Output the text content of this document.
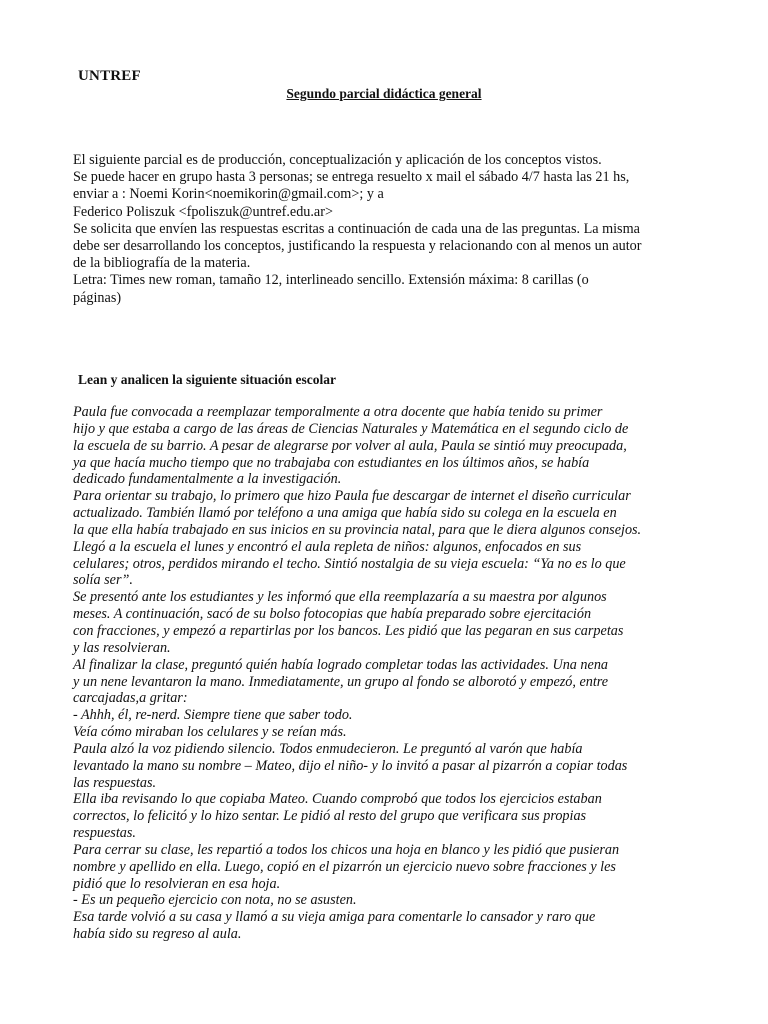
UNTREF
Segundo parcial didáctica general
El siguiente parcial es de producción, conceptualización y aplicación de los conceptos vistos.
Se puede hacer en grupo hasta 3 personas; se entrega resuelto x mail el sábado 4/7 hasta las 21 hs,
enviar a : Noemi Korin<noemikorin@gmail.com>; y a
Federico Poliszuk <fpoliszuk@untref.edu.ar>
Se solicita que envíen las respuestas escritas a continuación de cada una de las preguntas. La misma
debe ser desarrollando los conceptos, justificando la respuesta y relacionando con al menos un autor
de la bibliografía de la materia.
Letra: Times new roman, tamaño 12, interlineado sencillo. Extensión máxima: 8 carillas (o
páginas)
Lean y analicen la siguiente situación escolar
Paula fue convocada a reemplazar temporalmente a otra docente que había tenido su primer
hijo y que estaba a cargo de las áreas de Ciencias Naturales y Matemática en el segundo ciclo de
la escuela de su barrio. A pesar de alegrarse por volver al aula, Paula se sintió muy preocupada,
ya que hacía mucho tiempo que no trabajaba con estudiantes en los últimos años, se había
dedicado fundamentalmente a la investigación.
Para orientar su trabajo, lo primero que hizo Paula fue descargar de internet el diseño curricular
actualizado. También llamó por teléfono a una amiga que había sido su colega en la escuela en
la que ella había trabajado en sus inicios en su provincia natal, para que le diera algunos consejos.
Llegó a la escuela el lunes y encontró el aula repleta de niños: algunos, enfocados en sus
celulares; otros, perdidos mirando el techo. Sintió nostalgia de su vieja escuela: “Ya no es lo que
solía ser”.
Se presentó ante los estudiantes y les informó que ella reemplazaría a su maestra por algunos
meses. A continuación, sacó de su bolso fotocopias que había preparado sobre ejercitación
con fracciones, y empezó a repartirlas por los bancos. Les pidió que las pegaran en sus carpetas
y las resolvieran.
Al finalizar la clase, preguntó quién había logrado completar todas las actividades. Una nena
y un nene levantaron la mano. Inmediatamente, un grupo al fondo se alborotó y empezó, entre
carcajadas,a gritar:
- Ahhh, él, re-nerd. Siempre tiene que saber todo.
Veía cómo miraban los celulares y se reían más.
Paula alzó la voz pidiendo silencio. Todos enmudecieron. Le preguntó al varón que había
levantado la mano su nombre – Mateo, dijo el niño- y lo invitó a pasar al pizarrón a copiar todas
las respuestas.
Ella iba revisando lo que copiaba Mateo. Cuando comprobó que todos los ejercicios estaban
correctos, lo felicitó y lo hizo sentar. Le pidió al resto del grupo que verificara sus propias
respuestas.
Para cerrar su clase, les repartió a todos los chicos una hoja en blanco y les pidió que pusieran
nombre y apellido en ella. Luego, copió en el pizarrón un ejercicio nuevo sobre fracciones y les
pidió que lo resolvieran en esa hoja.
- Es un pequeño ejercicio con nota, no se asusten.
Esa tarde volvió a su casa y llamó a su vieja amiga para comentarle lo cansador y raro que
había sido su regreso al aula.
